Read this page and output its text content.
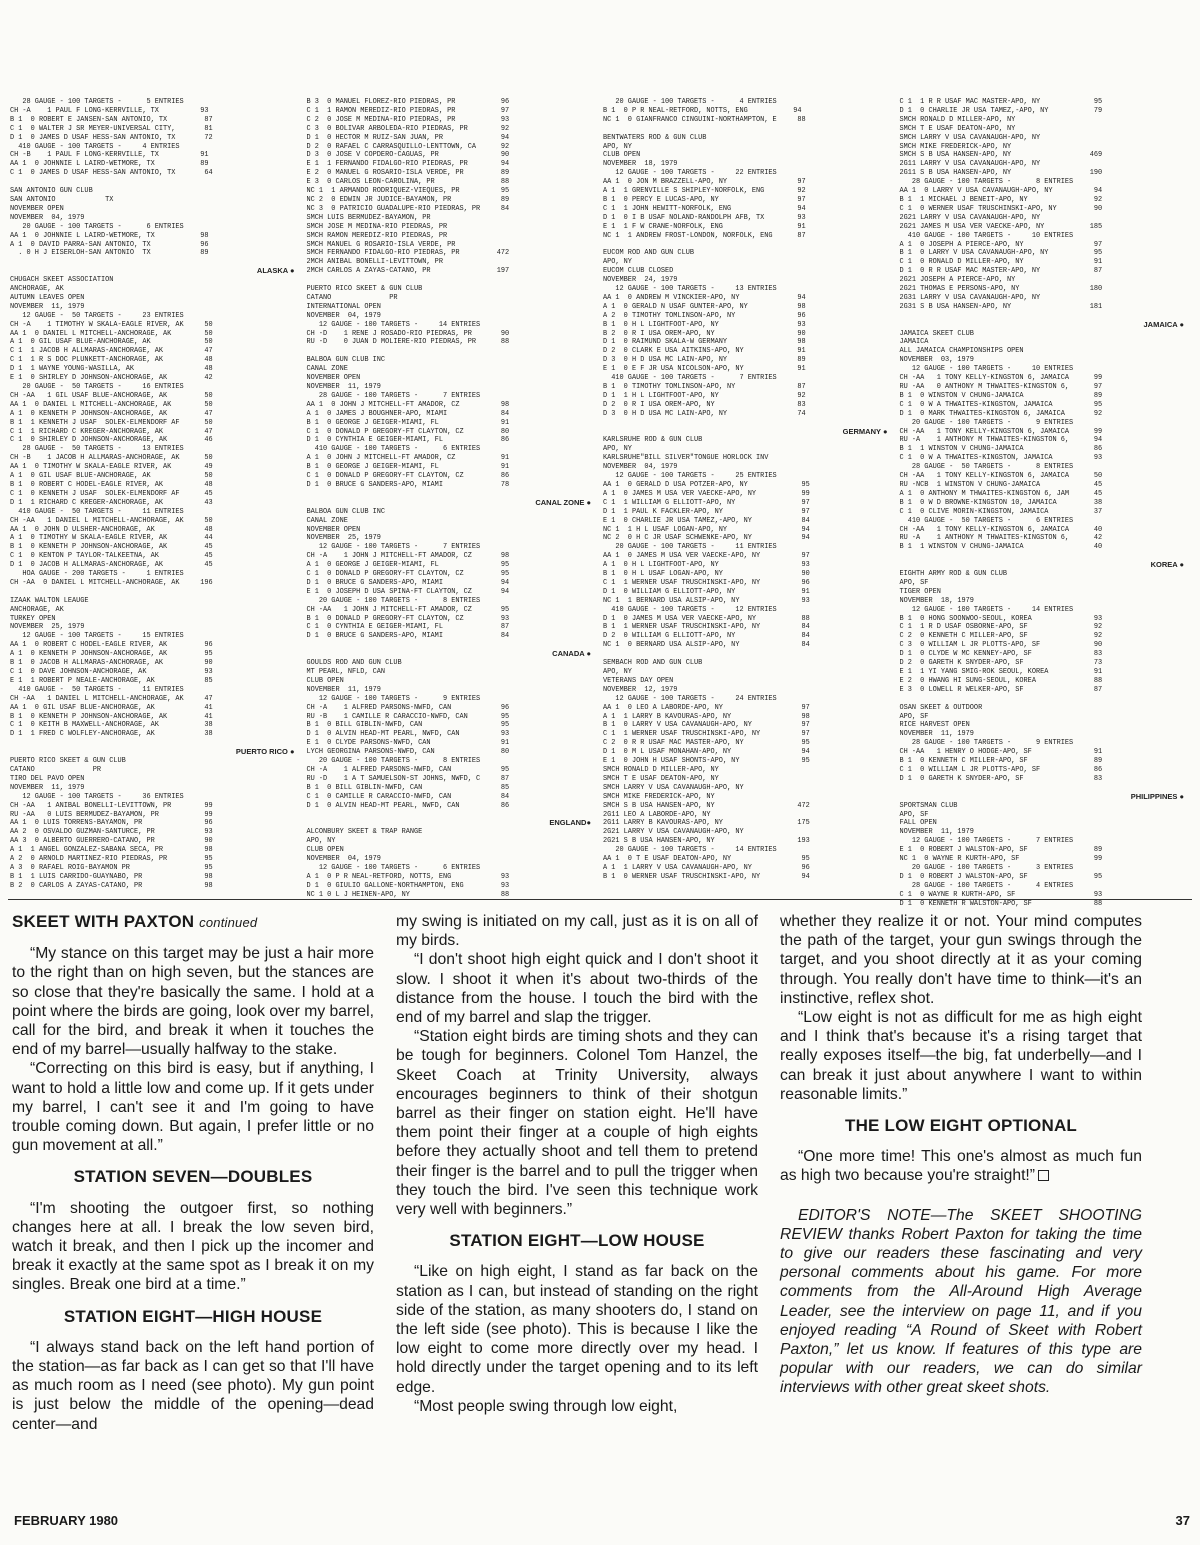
28 GAUGE - 100 TARGETS -      5 ENTRIES
CH -A    1 PAUL F LONG-KERRVILLE, TX          93
B 1  0 ROBERT E JANSEN-SAN ANTONIO, TX         87
C 1  0 WALTER J SR MEYER-UNIVERSAL CITY,       81
D 1  0 JAMES D USAF HESS-SAN ANTONIO, TX       72
410 GAUGE - 100 TARGETS -     4 ENTRIES
CH -B    1 PAUL F LONG-KERRVILLE, TX          91
AA 1  0 JOHNNIE L LAIRD-WETMORE, TX           89
C 1  0 JAMES D USAF HESS-SAN ANTONIO, TX       64

SAN ANTONIO GUN CLUB
SAN ANTONIO            TX
NOVEMBER OPEN
NOVEMBER  04, 1979
20 GAUGE - 100 TARGETS -      6 ENTRIES
AA 1  0 JOHNNIE L LAIRD-WETMORE, TX           98
A 1  0 DAVID PARRA-SAN ANTONIO, TX            96
. 0 H J EISERLOH-SAN ANTONIO  TX            89

ALASKA ●
CHUGACH SKEET ASSOCIATION
ANCHORAGE, AK
AUTUMN LEAVES OPEN
NOVEMBER  11, 1979
12 GAUGE -  50 TARGETS -     23 ENTRIES
CH -A    1 TIMOTHY W SKALA-EAGLE RIVER, AK     50
AA 1  0 DANIEL L MITCHELL-ANCHORAGE, AK        50
A 1  0 GIL USAF BLUE-ANCHORAGE, AK             50
C 1  1 JACOB H ALLMARAS-ANCHORAGE, AK          47
C 1  1 R S DOC PLUNKETT-ANCHORAGE, AK          48
D 1  1 WAYNE YOUNG-WASILLA, AK                 48
E 1  0 SHIRLEY D JOHNSON-ANCHORAGE, AK         42
20 GAUGE -  50 TARGETS -     16 ENTRIES
CH -AA   1 GIL USAF BLUE-ANCHORAGE, AK         50
AA 1  0 DANIEL L MITCHELL-ANCHORAGE, AK        50
A 1  0 KENNETH P JOHNSON-ANCHORAGE, AK         47
B 1  1 KENNETH J USAF  SOLEK-ELMENDORF AF      50
C 1  1 RICHARD C KREGER-ANCHORAGE, AK          47
C 1  0 SHIRLEY D JOHNSON-ANCHORAGE, AK         46
28 GAUGE -  50 TARGETS -     13 ENTRIES
CH -B    1 JACOB H ALLMARAS-ANCHORAGE, AK      50
AA 1  0 TIMOTHY W SKALA-EAGLE RIVER, AK        49
A 1  0 GIL USAF BLUE-ANCHORAGE, AK             50
B 1  0 ROBERT C HODEL-EAGLE RIVER, AK          48
C 1  0 KENNETH J USAF  SOLEK-ELMENDORF AF      45
D 1  1 RICHARD C KREGER-ANCHORAGE, AK          43
410 GAUGE -  50 TARGETS -     11 ENTRIES
CH -AA   1 DANIEL L MITCHELL-ANCHORAGE, AK     50
AA 1  0 JOHN D ULSHER-ANCHORAGE, AK            48
A 1  0 TIMOTHY W SKALA-EAGLE RIVER, AK         44
B 1  0 KENNETH P JOHNSON-ANCHORAGE, AK         45
C 1  0 KENTON P TAYLOR-TALKEETNA, AK           45
D 1  0 JACOB H ALLMARAS-ANCHORAGE, AK          45
HOA GAUGE - 200 TARGETS -     1 ENTRIES
CH -AA  0 DANIEL L MITCHELL-ANCHORAGE, AK     196

IZAAK WALTON LEAUGE
ANCHORAGE, AK
TURKEY OPEN
NOVEMBER  25, 1979
12 GAUGE - 100 TARGETS -     15 ENTRIES
AA 1  0 ROBERT C HODEL-EAGLE RIVER, AK         96
A 1  0 KENNETH P JOHNSON-ANCHORAGE, AK         95
B 1  0 JACOB H ALLMARAS-ANCHORAGE, AK          90
C 1  0 DAVE JOHNSON-ANCHORAGE, AK              93
E 1  1 ROBERT P NEALE-ANCHORAGE, AK            85
410 GAUGE -  50 TARGETS -     11 ENTRIES
CH -AA   1 DANIEL L MITCHELL-ANCHORAGE, AK     47
AA 1  0 GIL USAF BLUE-ANCHORAGE, AK            41
B 1  0 KENNETH P JOHNSON-ANCHORAGE, AK         41
C 1  0 KEITH B MAXWELL-ANCHORAGE, AK           38
D 1  1 FRED C WOLFLEY-ANCHORAGE, AK            38

PUERTO RICO ●
PUERTO RICO SKEET & GUN CLUB
CATANO              PR
TIRO DEL PAVO OPEN
NOVEMBER  11, 1979
12 GAUGE - 100 TARGETS -     36 ENTRIES
CH -AA   1 ANIBAL BONELLI-LEVITTOWN, PR        99
RU -AA   0 LUIS BERMUDEZ-BAYAMON, PR           99
AA 1  0 LUIS TORRENS-BAYAMON, PR               96
AA 2  0 OSVALDO GUZMAN-SANTURCE, PR            93
AA 3  0 ALBERTO GUERRERO-CATANO, PR            90
A 1  1 ANGEL GONZALEZ-SABANA SECA, PR          98
A 2  0 ARNOLD MARTINEZ-RIO PIEDRAS, PR         95
A 3  0 RAFAEL ROIG-BAYAMON PR                  95
B 1  1 LUIS CARRIDO-GUAYNABO, PR               98
B 2  0 CARLOS A ZAYAS-CATANO, PR               98
B 3  0 MANUEL FLOREZ-RIO PIEDRAS, PR           96
C 1  1 RAMON MEREDIZ-RIO PIEDRAS, PR           97
C 2  0 JOSE M MEDINA-RIO PIEDRAS, PR           93
C 3  0 BOLIVAR ARBOLEDA-RIO PIEDRAS, PR        92
D 1  0 HECTOR M RUIZ-SAN JUAN, PR              94
D 2  0 RAFAEL C CARRASQUILLO-LENTTOWN, CA      92
D 3  0 JOSE V COPDERO-CAGUAS, PR               90
E 1  1 FERNANDO FIDALGO-RIO PIEDRAS, PR        94
E 2  0 MANUEL G ROSARIO-ISLA VERDE, PR         89
E 3  0 CARLOS LEON-CAROLINA, PR                88
NC 1  1 ARMANDO RODRIQUEZ-VIEQUES, PR          95
NC 2  0 EDWIN JR JUDICE-BAYAMON, PR            89
NC 3  0 PATRICIO GUADALUPE-RIO PIEDRAS, PR     84
SMCH LUIS BERMUDEZ-BAYAMON, PR
SMCH JOSE M MEDINA-RIO PIEDRAS, PR
SMCH RAMON MEREDIZ-RIO PIEDRAS, PR
SMCH MANUEL G ROSARIO-ISLA VERDE, PR
SMCH FERNANDO FIDALGO-RIO PIEDRAS, PR         472
2MCH ANIBAL BONELLI-LEVITTOWN, PR
2MCH CARLOS A ZAYAS-CATANO, PR                197

PUERTO RICO SKEET & GUN CLUB
CATANO              PR
INTERNATIONAL OPEN
NOVEMBER  04, 1979
12 GAUGE - 100 TARGETS -     14 ENTRIES
CH -D    1 RENE J ROSADO-RIO PIEDRAS, PR       90
RU -D    0 JUAN D MOLIERE-RIO PIEDRAS, PR      88

BALBOA GUN CLUB INC
CANAL ZONE
NOVEMBER OPEN
NOVEMBER  11, 1979
28 GAUGE - 100 TARGETS -      7 ENTRIES
AA 1  0 JOHN J MITCHELL-FT AMADOR, CZ          98
A 1  0 JAMES J BOUGHNER-APO, MIAMI             84
B 1  0 GEORGE J GEIGER-MIAMI, FL               91
C 1  0 DONALD P GREGORY-FT CLAYTON, CZ         80
D 1  0 CYNTHIA E GEIGER-MIAMI, FL              86
410 GAUGE - 100 TARGETS -      6 ENTRIES
A 1  0 JOHN J MITCHELL-FT AMADOR, CZ           91
B 1  0 GEORGE J GEIGER-MIAMI, FL               91
C 1  0 DONALD P GREGORY-FT CLAYTON, CZ         86
D 1  0 BRUCE G SANDERS-APO, MIAMI              78

CANAL ZONE ●
BALBOA GUN CLUB INC
CANAL ZONE
NOVEMBER OPEN
NOVEMBER  25, 1979
12 GAUGE - 100 TARGETS -      7 ENTRIES
CH -A    1 JOHN J MITCHELL-FT AMADOR, CZ       98
A 1  0 GEORGE J GEIGER-MIAMI, FL               95
C 1  0 DONALD P GREGORY-FT CLAYTON, CZ         95
D 1  0 BRUCE G SANDERS-APO, MIAMI              94
E 1  0 JOSEPH D USA SPINA-FT CLAYTON, CZ       94
20 GAUGE - 100 TARGETS -      8 ENTRIES
CH -AA   1 JOHN J MITCHELL-FT AMADOR, CZ       95
B 1  0 DONALD P GREGORY-FT CLAYTON, CZ         93
C 1  0 CYNTHIA E GEIGER-MIAMI, FL              87
D 1  0 BRUCE G SANDERS-APO, MIAMI              84

CANADA ●
GOULDS ROD AND GUN CLUB
MT PEARL, NFLD, CAN
CLUB OPEN
NOVEMBER  11, 1979
12 GAUGE - 100 TARGETS -      9 ENTRIES
CH -A    1 ALFRED PARSONS-NWFD, CAN            96
RU -B    1 CAMILLE R CARACCIO-NWFD, CAN        95
B 1  0 BILL GIBLIN-NWFD, CAN                   95
D 1  0 ALVIN HEAD-MT PEARL, NWFD, CAN          93
E 1  0 CLYDE PARSONS-NWFD, CAN                 91
LYCH GEORGINA PARSONS-NWFD, CAN                80
20 GAUGE - 100 TARGETS -      8 ENTRIES
CH -A    1 ALFRED PARSONS-NWFD, CAN            95
RU -D    1 A T SAMUELSON-ST JOHNS, NWFD, C     87
B 1  0 BILL GIBLIN-NWFD, CAN                   85
C 1  0 CAMILLE R CARACCIO-NWFD, CAN            84
D 1  0 ALVIN HEAD-MT PEARL, NWFD, CAN          86

ENGLAND●
ALCONBURY SKEET & TRAP RANGE
APO, NY
CLUB OPEN
NOVEMBER  04, 1979
12 GAUGE - 100 TARGETS -      6 ENTRIES
A 1  0 P R NEAL-RETFORD, NOTTS, ENG            93
D 1  0 GIULIO GALLONE-NORTHAMPTON, ENG         93
NC 1 0 L J HEINEN-APO, NY                      88
20 GAUGE - 100 TARGETS -      4 ENTRIES
B 1  0 P R NEAL-RETFORD, NOTTS, ENG           94
NC 1  0 GIANFRANCO CINGUINI-NORTHAMPTON, E     88

BENTWATERS ROD & GUN CLUB
APO, NY
CLUB OPEN
NOVEMBER  18, 1979
12 GAUGE - 100 TARGETS -     22 ENTRIES
AA 1  0 JON M BRAZZELL-APO, NY                 97
A 1  1 GRENVILLE S SHIPLEY-NORFOLK, ENG        92
B 1  0 PERCY E LUCAS-APO, NY                   97
C 1  1 JOHN HEWITT-NORFOLK, ENG                94
D 1  0 I B USAF NOLAND-RANDOLPH AFB, TX        93
E 1  1 F W CRANE-NORFOLK, ENG                  91
NC 1  1 ANDREW FROST-LONDON, NORFOLK, ENG      87

EUCOM ROD AND GUN CLUB
APO, NY
EUCOM CLUB CLOSED
NOVEMBER  24, 1979
12 GAUGE - 100 TARGETS -     13 ENTRIES
AA 1  0 ANDREW M VINCKIER-APO, NY              94
A 1  0 GERALD N USAF GUNTER-APO, NY            98
A 2  0 TIMOTHY TOMLINSON-APO, NY               96
B 1  0 H L LIGHTFOOT-APO, NY                   93
B 2  0 R I USA OREM-APO, NY                    90
D 1  0 RAIMUND SKALA-W GERMANY                 98
D 2  0 CLARK E USA AITKINS-APO, NY             91
D 3  0 H D USA MC LAIN-APO, NY                 89
E 1  0 E F JR USA NICOLSON-APO, NY             91
410 GAUGE - 100 TARGETS -      7 ENTRIES
B 1  0 TIMOTHY TOMLINSON-APO, NY               87
D 1  1 H L LIGHTFOOT-APO, NY                   92
D 2  0 R I USA OREM-APO, NY                    83
D 3  0 H D USA MC LAIN-APO, NY                 74

GERMANY ●
KARLSRUHE ROD & GUN CLUB
APO, NY
KARLSRUHE"BILL SILVER"TONGUE HORLOCK INV
NOVEMBER  04, 1979
12 GAUGE - 100 TARGETS -     25 ENTRIES
AA 1  0 GERALD D USA POTZER-APO, NY             95
A 1  0 JAMES M USA VER VAECKE-APO, NY           99
C 1  1 WILLIAM G ELLIOTT-APO, NY                97
D 1  1 PAUL K FACKLER-APO, NY                   97
E 1  0 CHARLIE JR USA TAMEZ,-APO, NY            84
NC 1  1 H L USAF LOGAN-APO, NY                  94
NC 2  0 H C JR USAF SCHWENKE-APO, NY            94
20 GAUGE - 100 TARGETS -     11 ENTRIES
AA 1  0 JAMES M USA VER VAECKE-APO, NY          97
A 1  0 H L LIGHTFOOT-APO, NY                    93
B 1  0 H L USAF LOGAN-APO, NY                   90
C 1  1 WERNER USAF TRUSCHINSKI-APO, NY          96
D 1  0 WILLIAM G ELLIOTT-APO, NY                91
NC 1  1 BERNARD USA ALSIP-APO, NY               93
410 GAUGE - 100 TARGETS -     12 ENTRIES
D 1  0 JAMES M USA VER VAECKE-APO, NY           88
B 1  1 WERNER USAF TRUSCHINSKI-APO, NY          84
D 2  0 WILLIAM G ELLIOTT-APO, NY                84
NC 1  0 BERNARD USA ALSIP-APO, NY               84

SEMBACH ROD AND GUN CLUB
APO, NY
VETERANS DAY OPEN
NOVEMBER  12, 1979
12 GAUGE - 100 TARGETS -     24 ENTRIES
AA 1  0 LEO A LABORDE-APO, NY                   97
A 1  1 LARRY B KAVOURAS-APO, NY                 98
B 1  0 LARRY V USA CAVANAUGH-APO, NY            97
C 1  1 WERNER USAF TRUSCHINSKI-APO, NY          97
C 2  0 R R USAF MAC MASTER-APO, NY              95
D 1  0 M L USAF MONAHAN-APO, NY                 94
E 1  0 JOHN H USAF SHONTS-APO, NY               95
SMCH RONALD D MILLER-APO, NY
SMCH T E USAF DEATON-APO, NY
SMCH LARRY V USA CAVANAUGH-APO, NY
SMCH MIKE FREDERICK-APO, NY
SMCH S B USA HANSEN-APO, NY                    472
2G11 LEO A LABORDE-APO, NY
2G11 LARRY B KAVOURAS-APO, NY                  175
2G21 LARRY V USA CAVANAUGH-APO, NY
2G21 S B USA HANSEN-APO, NY                    193
20 GAUGE - 100 TARGETS -     14 ENTRIES
AA 1  0 T E USAF DEATON-APO, NY                 95
A 1  1 LARRY V USA CAVANAUGH-APO, NY            96
B 1  0 WERNER USAF TRUSCHINSKI-APO, NY          94
C 1  1 R R USAF MAC MASTER-APO, NY             95
D 1  0 CHARLIE JR USA TAMEZ,-APO, NY           79
SMCH RONALD D MILLER-APO, NY
SMCH T E USAF DEATON-APO, NY
SMCH LARRY V USA CAVANAUGH-APO, NY
SMCH MIKE FREDERICK-APO, NY
SMCH S B USA HANSEN-APO, NY                   469
2G11 LARRY V USA CAVANAUGH-APO, NY
2G11 S B USA HANSEN-APO, NY                   190
28 GAUGE - 100 TARGETS -      8 ENTRIES
AA 1  0 LARRY V USA CAVANAUGH-APO, NY          94
B 1  1 MICHAEL J BENEIT-APO, NY                92
C 1  0 WERNER USAF TRUSCHINSKI-APO, NY         90
2G21 LARRY V USA CAVANAUGH-APO, NY
2G21 JAMES M USA VER VAECKE-APO, NY           185
410 GAUGE - 100 TARGETS -     10 ENTRIES
A 1  0 JOSEPH A PIERCE-APO, NY                 97
B 1  0 LARRY V USA CAVANAUGH-APO, NY           95
C 1  0 RONALD D MILLER-APO, NY                 91
D 1  0 R R USAF MAC MASTER-APO, NY             87
2G21 JOSEPH A PIERCE-APO, NY
2G21 THOMAS E PERSONS-APO, NY                 180
2G31 LARRY V USA CAVANAUGH-APO, NY
2G31 S B USA HANSEN-APO, NY                   181

JAMAICA ●
JAMAICA SKEET CLUB
JAMAICA
ALL JAMAICA CHAMPIONSHIPS OPEN
NOVEMBER  03, 1979
12 GAUGE - 100 TARGETS -     10 ENTRIES
CH -AA   1 TONY KELLY-KINGSTON 6, JAMAICA      99
RU -AA   0 ANTHONY M THWAITES-KINGSTON 6,      97
B 1  0 WINSTON V CHUNG-JAMAICA                 89
C 1  0 W A THWAITES-KINGSTON, JAMAICA          95
D 1  0 MARK THWAITES-KINGSTON 6, JAMAICA       92
20 GAUGE - 100 TARGETS -      9 ENTRIES
CH -AA   1 TONY KELLY-KINGSTON 6, JAMAICA      99
RU -A    1 ANTHONY M THWAITES-KINGSTON 6,      94
B 1  1 WINSTON V CHUNG-JAMAICA                 86
C 1  0 W A THWAITES-KINGSTON, JAMAICA          93
28 GAUGE -  50 TARGETS -      8 ENTRIES
CH -AA   1 TONY KELLY-KINGSTON 6, JAMAICA      50
RU -NCB  1 WINSTON V CHUNG-JAMAICA             45
A 1  0 ANTHONY M THWAITES-KINGSTON 6, JAM      45
B 1  0 W D BROWNE-KINGSTON 10, JAMAICA         38
C 1  0 CLIVE MORIN-KINGSTON, JAMAICA           37
410 GAUGE -  50 TARGETS -      6 ENTRIES
CH -AA   1 TONY KELLY-KINGSTON 6, JAMAICA      40
RU -A    1 ANTHONY M THWAITES-KINGSTON 6,      42
B 1  1 WINSTON V CHUNG-JAMAICA                 40

KOREA ●
EIGHTH ARMY ROD & GUN CLUB
APO, SF
TIGER OPEN
NOVEMBER  18, 1979
12 GAUGE - 100 TARGETS -     14 ENTRIES
B 1  0 HONG SOONWOO-SEOUL, KOREA               93
C 1  1 R D USAF OSBORNE-APO, SF                92
C 2  0 KENNETH C MILLER-APO, SF                92
C 3  0 WILLIAM L JR PLOTTS-APO, SF             90
D 1  0 CLYDE W MC KENNEY-APO, SF               83
D 2  0 GARETH K SNYDER-APO, SF                 73
E 1  1 YI YANG SMIG-ROK SEOUL, KOREA           91
E 2  0 HWANG HI SUNG-SEOUL, KOREA              88
E 3  0 LOWELL R WELKER-APO, SF                 87

OSAN SKEET & OUTDOOR
APO, SF
RICE HARVEST OPEN
NOVEMBER  11, 1979
28 GAUGE - 100 TARGETS -      9 ENTRIES
CH -AA   1 HENRY O HODGE-APO, SF               91
B 1  0 KENNETH C MILLER-APO, SF                89
C 1  0 WILLIAM L JR PLOTTS-APO, SF             86
D 1  0 GARETH K SNYDER-APO, SF                 83

PHILIPPINES ●
SPORTSMAN CLUB
APO, SF
FALL OPEN
NOVEMBER  11, 1979
12 GAUGE - 100 TARGETS -      7 ENTRIES
E 1  0 ROBERT J WALSTON-APO, SF                89
NC 1  0 WAYNE R KURTH-APO, SF                  99
20 GAUGE - 100 TARGETS -      3 ENTRIES
D 1  0 ROBERT J WALSTON-APO, SF                95
28 GAUGE - 100 TARGETS -      4 ENTRIES
C 1  0 WAYNE R KURTH-APO, SF                   93
D 1  0 KENNETH R WALSTON-APO, SF               88
SKEET WITH PAXTON continued

“My stance on this target may be just a hair more to the right than on high seven, but the stances are so close that they're basically the same. I hold at a point where the birds are going, look over my barrel, call for the bird, and break it when it touches the end of my barrel—usually halfway to the stake.

“Correcting on this bird is easy, but if anything, I want to hold a little low and come up. If it gets under my barrel, I can't see it and I'm going to have trouble coming down. But again, I prefer little or no gun movement at all.”

STATION SEVEN—DOUBLES

“I'm shooting the outgoer first, so nothing changes here at all. I break the low seven bird, watch it break, and then I pick up the incomer and break it exactly at the same spot as I break it on my singles. Break one bird at a time.”

STATION EIGHT—HIGH HOUSE

“I always stand back on the left hand portion of the station—as far back as I can get so that I'll have as much room as I need (see photo). My gun point is just below the middle of the opening—dead center—and

my swing is initiated on my call, just as it is on all of my birds.

“I don't shoot high eight quick and I don't shoot it slow. I shoot it when it's about two-thirds of the distance from the house. I touch the bird with the end of my barrel and slap the trigger.

“Station eight birds are timing shots and they can be tough for beginners. Colonel Tom Hanzel, the Skeet Coach at Trinity University, always encourages beginners to think of their shotgun barrel as their finger on station eight. He'll have them point their finger at a couple of high eights before they actually shoot and tell them to pretend their finger is the barrel and to pull the trigger when they touch the bird. I've seen this technique work very well with beginners.”

STATION EIGHT—LOW HOUSE

“Like on high eight, I stand as far back on the station as I can, but instead of standing on the right side of the station, as many shooters do, I stand on the left side (see photo). This is because I like the low eight to come more directly over my head. I hold directly under the target opening and to its left edge.

“Most people swing through low eight,

whether they realize it or not. Your mind computes the path of the target, your gun swings through the target, and you shoot directly at it as your coming through. You really don't have time to think—it's an instinctive, reflex shot.

“Low eight is not as difficult for me as high eight and I think that's because it's a rising target that really exposes itself—the big, fat underbelly—and I can break it just about anywhere I want to within reasonable limits.”

THE LOW EIGHT OPTIONAL

“One more time! This one's almost as much fun as high two because you're straight!”

EDITOR'S NOTE—The SKEET SHOOTING REVIEW thanks Robert Paxton for taking the time to give our readers these fascinating and very personal comments about his game. For more comments from the All-Around High Average Leader, see the interview on page 11, and if you enjoyed reading “A Round of Skeet with Robert Paxton,” let us know. If features of this type are popular with our readers, we can do similar interviews with other great skeet shots.

FEBRUARY 1980	37
